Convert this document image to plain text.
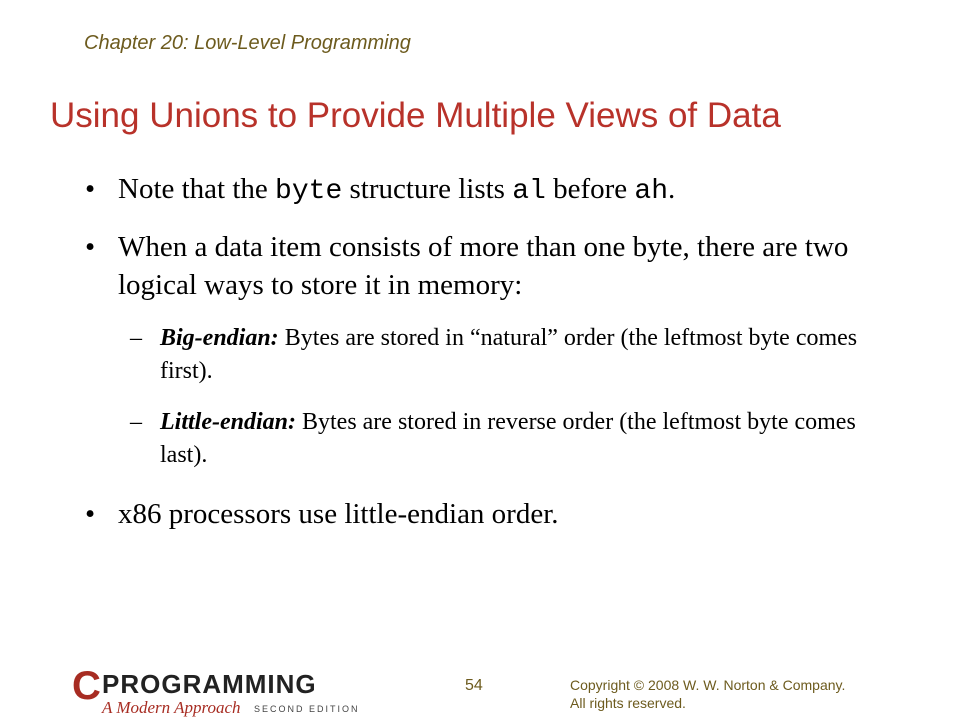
Chapter 20: Low-Level Programming
Using Unions to Provide Multiple Views of Data
• Note that the byte structure lists al before ah.
• When a data item consists of more than one byte, there are two logical ways to store it in memory:
– Big-endian: Bytes are stored in “natural” order (the leftmost byte comes first).
– Little-endian: Bytes are stored in reverse order (the leftmost byte comes last).
• x86 processors use little-endian order.
C PROGRAMMING
A Modern Approach SECOND EDITION
54	Copyright © 2008 W. W. Norton & Company.
All rights reserved.
